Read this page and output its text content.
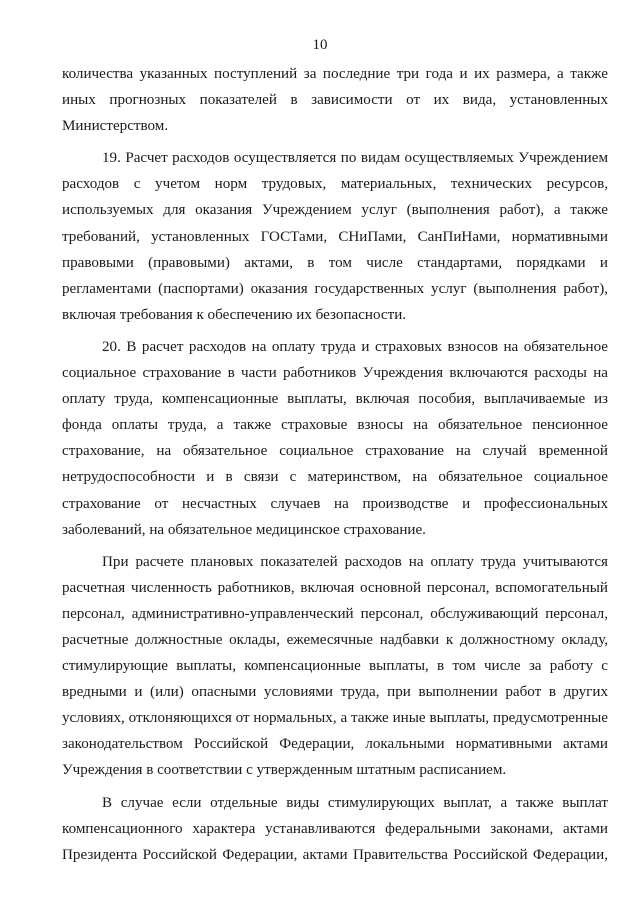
10

количества указанных поступлений за последние три года и их размера, а также иных прогнозных показателей в зависимости от их вида, установленных Министерством.

19. Расчет расходов осуществляется по видам осуществляемых Учреждением расходов с учетом норм трудовых, материальных, технических ресурсов, используемых для оказания Учреждением услуг (выполнения работ), а также требований, установленных ГОСТами, СНиПами, СанПиНами, нормативными правовыми (правовыми) актами, в том числе стандартами, порядками и регламентами (паспортами) оказания государственных услуг (выполнения работ), включая требования к обеспечению их безопасности.

20. В расчет расходов на оплату труда и страховых взносов на обязательное социальное страхование в части работников Учреждения включаются расходы на оплату труда, компенсационные выплаты, включая пособия, выплачиваемые из фонда оплаты труда, а также страховые взносы на обязательное пенсионное страхование, на обязательное социальное страхование на случай временной нетрудоспособности и в связи с материнством, на обязательное социальное страхование от несчастных случаев на производстве и профессиональных заболеваний, на обязательное медицинское страхование.

При расчете плановых показателей расходов на оплату труда учитываются расчетная численность работников, включая основной персонал, вспомогательный персонал, административно-управленческий персонал, обслуживающий персонал, расчетные должностные оклады, ежемесячные надбавки к должностному окладу, стимулирующие выплаты, компенсационные выплаты, в том числе за работу с вредными и (или) опасными условиями труда, при выполнении работ в других условиях, отклоняющихся от нормальных, а также иные выплаты, предусмотренные законодательством Российской Федерации, локальными нормативными актами Учреждения в соответствии с утвержденным штатным расписанием.

В случае если отдельные виды стимулирующих выплат, а также выплат компенсационного характера устанавливаются федеральными законами, актами Президента Российской Федерации, актами Правительства Российской Федерации,
